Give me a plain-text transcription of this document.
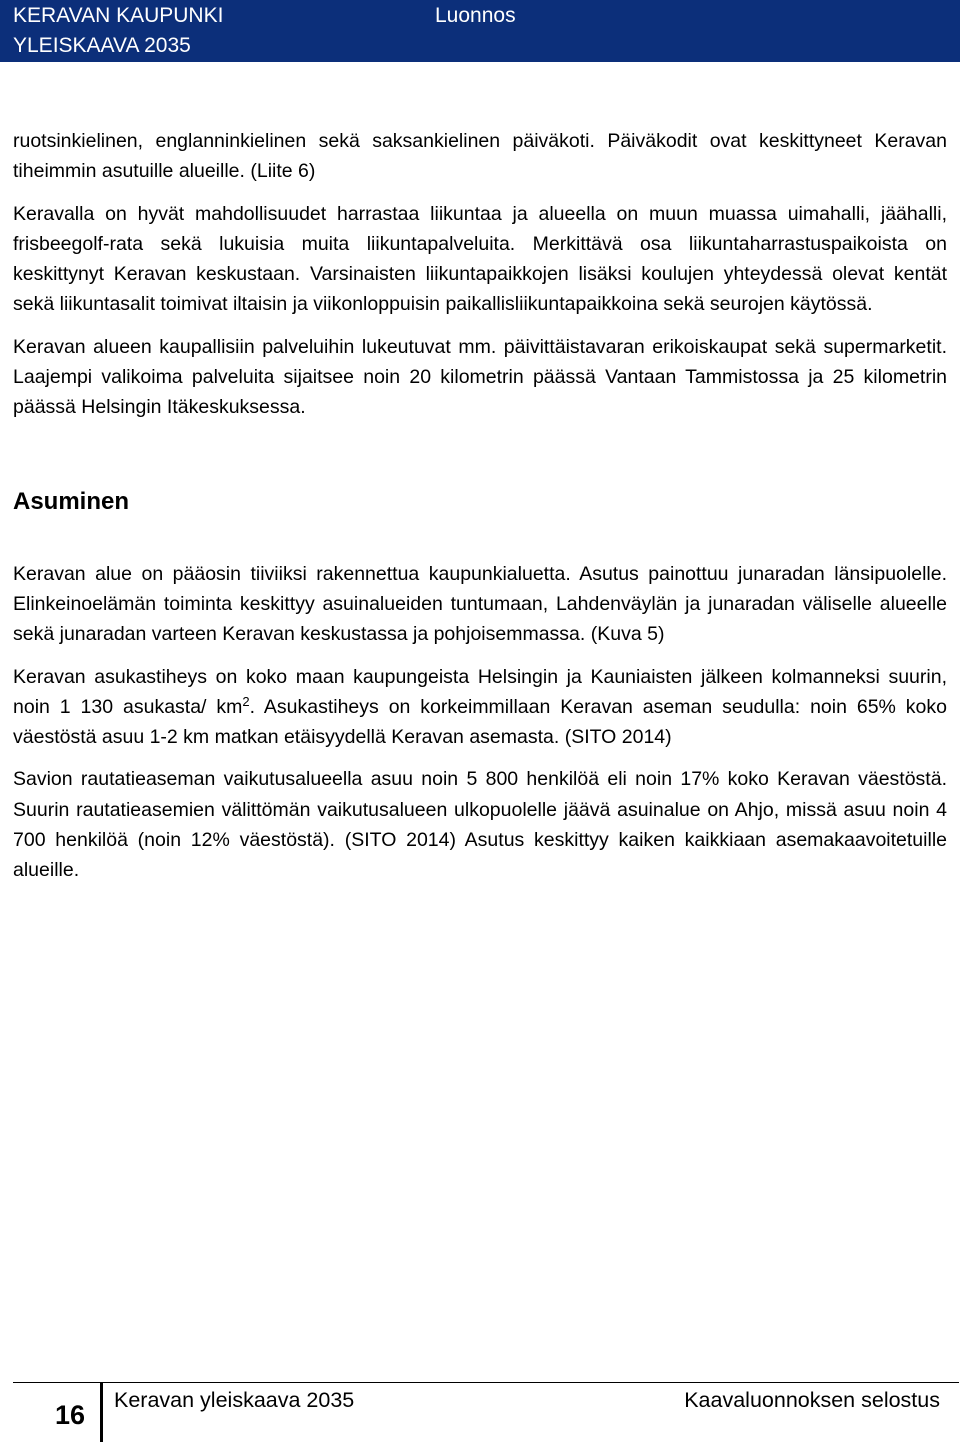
KERAVAN KAUPUNKI
YLEISKAAVA 2035
Luonnos

ruotsinkielinen, englanninkielinen sekä saksankielinen päiväkoti. Päiväkodit ovat keskittyneet Keravan tiheimmin asutuille alueille. (Liite 6)

Keravalla on hyvät mahdollisuudet harrastaa liikuntaa ja alueella on muun muassa uimahalli, jäähalli, frisbeegolf-rata sekä lukuisia muita liikuntapalveluita. Merkittävä osa liikuntaharrastuspaikoista on keskittynyt Keravan keskustaan. Varsinaisten liikuntapaikkojen lisäksi koulujen yhteydessä olevat kentät sekä liikuntasalit toimivat iltaisin ja viikonloppuisin paikallisliikuntapaikkoina sekä seurojen käytössä.

Keravan alueen kaupallisiin palveluihin lukeutuvat mm. päivittäistavaran erikoiskaupat sekä supermarketit. Laajempi valikoima palveluita sijaitsee noin 20 kilometrin päässä Vantaan Tammistossa ja 25 kilometrin päässä Helsingin Itäkeskuksessa.

Asuminen

Keravan alue on pääosin tiiviiksi rakennettua kaupunkialuetta. Asutus painottuu junaradan länsipuolelle. Elinkeinoelämän toiminta keskittyy asuinalueiden tuntumaan, Lahdenväylän ja junaradan väliselle alueelle sekä junaradan varteen Keravan keskustassa ja pohjoisemmassa. (Kuva 5)

Keravan asukastiheys on koko maan kaupungeista Helsingin ja Kauniaisten jälkeen kolmanneksi suurin, noin 1 130 asukasta/ $km^2$. Asukastiheys on korkeimmillaan Keravan aseman seudulla: noin 65% koko väestöstä asuu 1-2 km matkan etäisyydellä Keravan asemasta. (SITO 2014)

Savion rautatieaseman vaikutusalueella asuu noin 5 800 henkilöä eli noin 17% koko Keravan väestöstä. Suurin rautatieasemien välittömän vaikutusalueen ulkopuolelle jäävä asuinalue on Ahjo, missä asuu noin 4 700 henkilöä (noin 12% väestöstä). (SITO 2014) Asutus keskittyy kaiken kaikkiaan asemakaavoitetuille alueille.

16 Keravan yleiskaava 2035	Kaavaluonnoksen selostus
